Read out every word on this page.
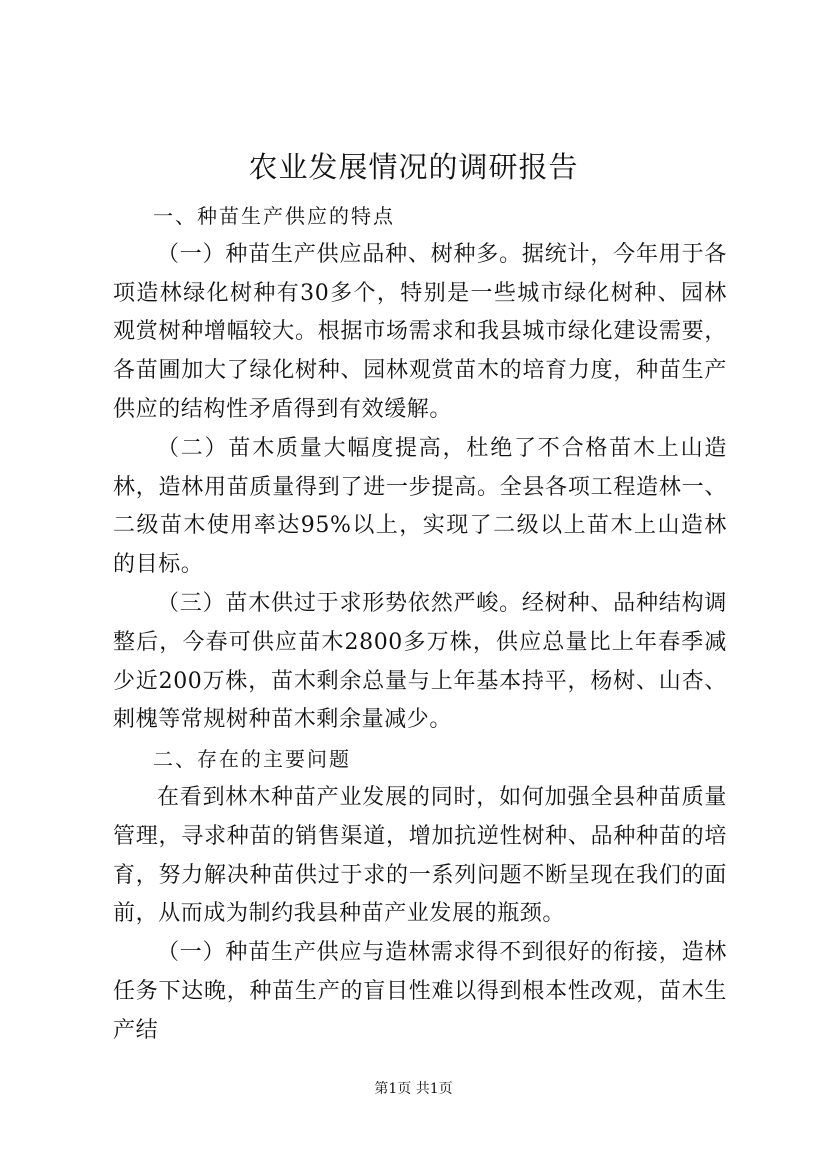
农业发展情况的调研报告

一、种苗生产供应的特点

（一）种苗生产供应品种、树种多。据统计，今年用于各项造林绿化树种有30多个，特别是一些城市绿化树种、园林观赏树种增幅较大。根据市场需求和我县城市绿化建设需要，各苗圃加大了绿化树种、园林观赏苗木的培育力度，种苗生产供应的结构性矛盾得到有效缓解。

（二）苗木质量大幅度提高，杜绝了不合格苗木上山造林，造林用苗质量得到了进一步提高。全县各项工程造林一、二级苗木使用率达95%以上，实现了二级以上苗木上山造林的目标。

（三）苗木供过于求形势依然严峻。经树种、品种结构调整后，今春可供应苗木2800多万株，供应总量比上年春季减少近200万株，苗木剩余总量与上年基本持平，杨树、山杏、刺槐等常规树种苗木剩余量减少。

二、存在的主要问题

在看到林木种苗产业发展的同时，如何加强全县种苗质量管理，寻求种苗的销售渠道，增加抗逆性树种、品种种苗的培育，努力解决种苗供过于求的一系列问题不断呈现在我们的面前，从而成为制约我县种苗产业发展的瓶颈。

（一）种苗生产供应与造林需求得不到很好的衔接，造林任务下达晚，种苗生产的盲目性难以得到根本性改观，苗木生产结

第1页 共1页
